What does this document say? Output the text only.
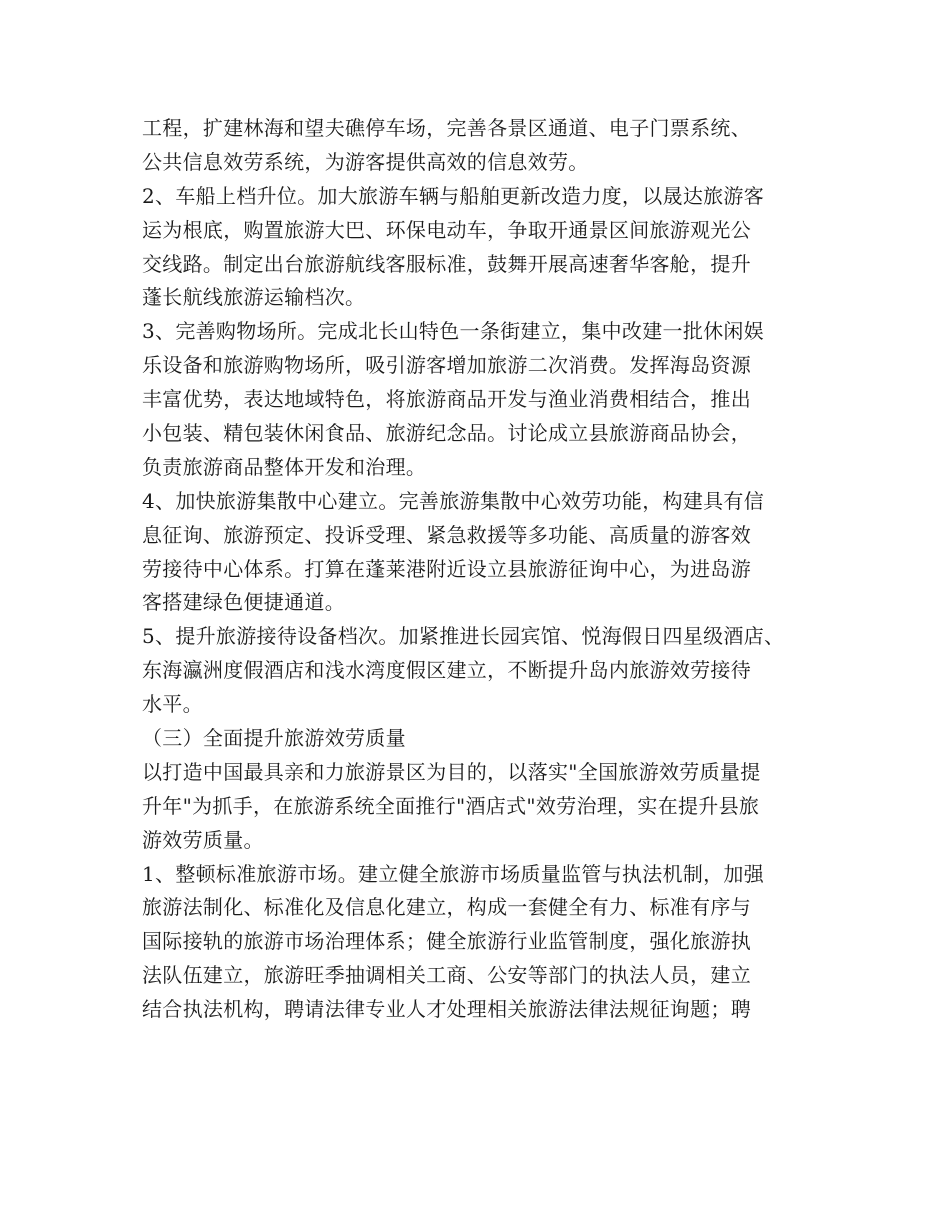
工程，扩建林海和望夫礁停车场，完善各景区通道、电子门票系统、
公共信息效劳系统，为游客提供高效的信息效劳。
2、车船上档升位。加大旅游车辆与船舶更新改造力度，以晟达旅游客
运为根底，购置旅游大巴、环保电动车，争取开通景区间旅游观光公
交线路。制定出台旅游航线客服标准，鼓舞开展高速奢华客舱，提升
蓬长航线旅游运输档次。
3、完善购物场所。完成北长山特色一条街建立，集中改建一批休闲娱
乐设备和旅游购物场所，吸引游客增加旅游二次消费。发挥海岛资源
丰富优势，表达地域特色，将旅游商品开发与渔业消费相结合，推出
小包装、精包装休闲食品、旅游纪念品。讨论成立县旅游商品协会，
负责旅游商品整体开发和治理。
4、加快旅游集散中心建立。完善旅游集散中心效劳功能，构建具有信
息征询、旅游预定、投诉受理、紧急救援等多功能、高质量的游客效
劳接待中心体系。打算在蓬莱港附近设立县旅游征询中心，为进岛游
客搭建绿色便捷通道。
5、提升旅游接待设备档次。加紧推进长园宾馆、悦海假日四星级酒店、
东海瀛洲度假酒店和浅水湾度假区建立，不断提升岛内旅游效劳接待
水平。
（三）全面提升旅游效劳质量
以打造中国最具亲和力旅游景区为目的，以落实"全国旅游效劳质量提
升年"为抓手，在旅游系统全面推行"酒店式"效劳治理，实在提升县旅
游效劳质量。
1、整顿标准旅游市场。建立健全旅游市场质量监管与执法机制，加强
旅游法制化、标准化及信息化建立，构成一套健全有力、标准有序与
国际接轨的旅游市场治理体系；健全旅游行业监管制度，强化旅游执
法队伍建立，旅游旺季抽调相关工商、公安等部门的执法人员，建立
结合执法机构，聘请法律专业人才处理相关旅游法律法规征询题；聘
